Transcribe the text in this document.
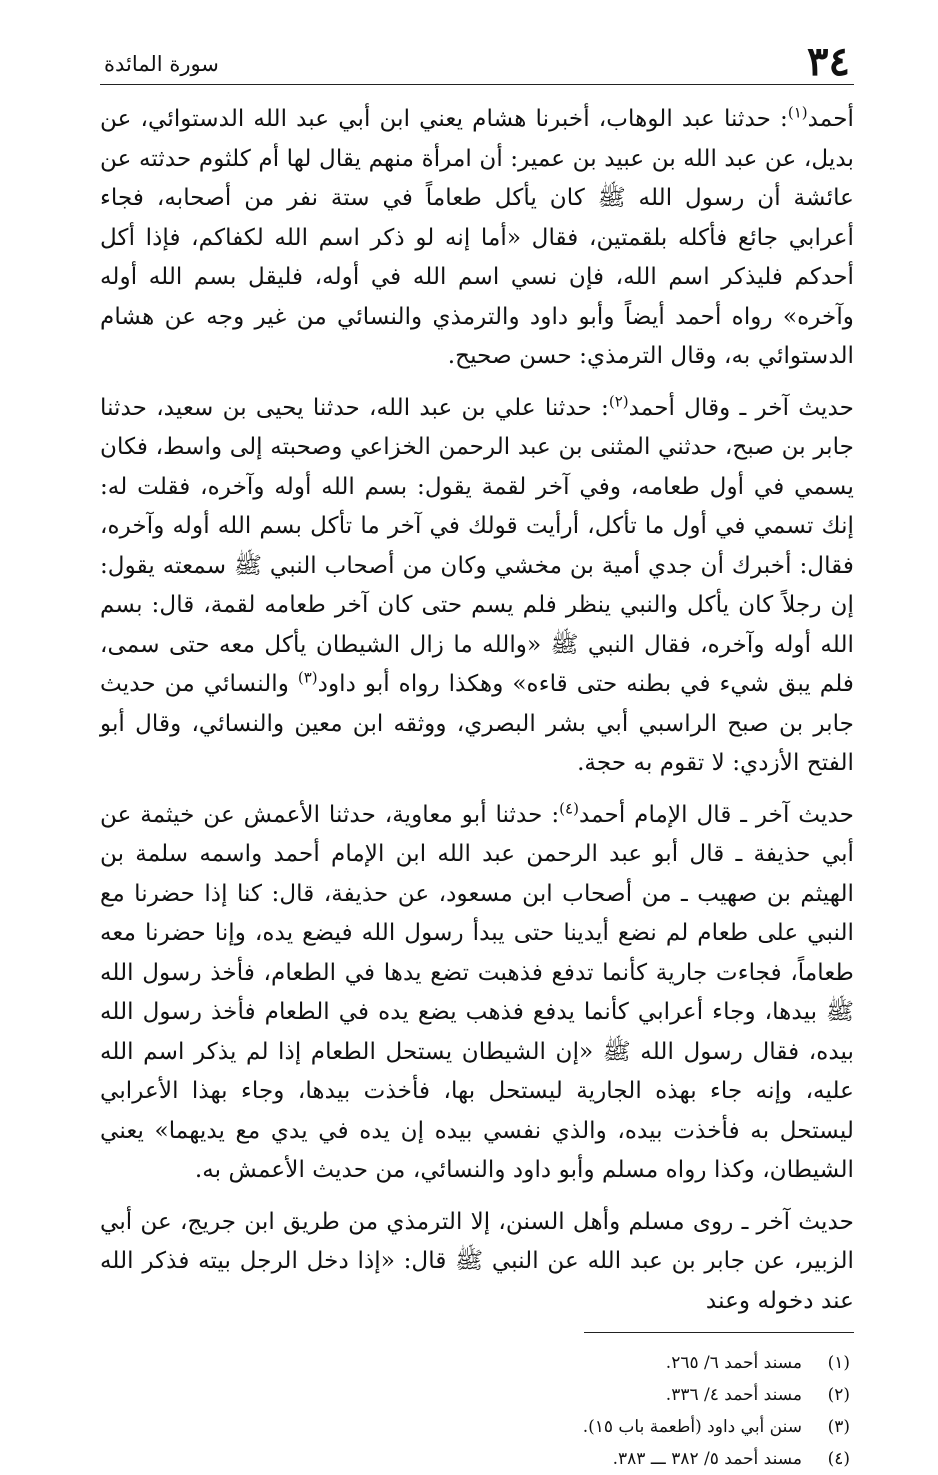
٣٤
سورة المائدة

أحمد$^{(١)}$: حدثنا عبد الوهاب، أخبرنا هشام يعني ابن أبي عبد الله الدستوائي، عن بديل، عن عبد الله بن عبيد بن عمير: أن امرأة منهم يقال لها أم كلثوم حدثته عن عائشة أن رسول الله ﷺ كان يأكل طعاماً في ستة نفر من أصحابه، فجاء أعرابي جائع فأكله بلقمتين، فقال «أما إنه لو ذكر اسم الله لكفاكم، فإذا أكل أحدكم فليذكر اسم الله، فإن نسي اسم الله في أوله، فليقل بسم الله أوله وآخره» رواه أحمد أيضاً وأبو داود والترمذي والنسائي من غير وجه عن هشام الدستوائي به، وقال الترمذي: حسن صحيح.

حديث آخر ـ وقال أحمد$^{(٢)}$: حدثنا علي بن عبد الله، حدثنا يحيى بن سعيد، حدثنا جابر بن صبح، حدثني المثنى بن عبد الرحمن الخزاعي وصحبته إلى واسط، فكان يسمي في أول طعامه، وفي آخر لقمة يقول: بسم الله أوله وآخره، فقلت له: إنك تسمي في أول ما تأكل، أرأيت قولك في آخر ما تأكل بسم الله أوله وآخره، فقال: أخبرك أن جدي أمية بن مخشي وكان من أصحاب النبي ﷺ سمعته يقول: إن رجلاً كان يأكل والنبي ينظر فلم يسم حتى كان آخر طعامه لقمة، قال: بسم الله أوله وآخره، فقال النبي ﷺ «والله ما زال الشيطان يأكل معه حتى سمى، فلم يبق شيء في بطنه حتى قاءه» وهكذا رواه أبو داود$^{(٣)}$ والنسائي من حديث جابر بن صبح الراسبي أبي بشر البصري، ووثقه ابن معين والنسائي، وقال أبو الفتح الأزدي: لا تقوم به حجة.

حديث آخر ـ قال الإمام أحمد$^{(٤)}$: حدثنا أبو معاوية، حدثنا الأعمش عن خيثمة عن أبي حذيفة ـ قال أبو عبد الرحمن عبد الله ابن الإمام أحمد واسمه سلمة بن الهيثم بن صهيب ـ من أصحاب ابن مسعود، عن حذيفة، قال: كنا إذا حضرنا مع النبي على طعام لم نضع أيدينا حتى يبدأ رسول الله فيضع يده، وإنا حضرنا معه طعاماً، فجاءت جارية كأنما تدفع فذهبت تضع يدها في الطعام، فأخذ رسول الله ﷺ بيدها، وجاء أعرابي كأنما يدفع فذهب يضع يده في الطعام فأخذ رسول الله بيده، فقال رسول الله ﷺ «إن الشيطان يستحل الطعام إذا لم يذكر اسم الله عليه، وإنه جاء بهذه الجارية ليستحل بها، فأخذت بيدها، وجاء بهذا الأعرابي ليستحل به فأخذت بيده، والذي نفسي بيده إن يده في يدي مع يديهما» يعني الشيطان، وكذا رواه مسلم وأبو داود والنسائي، من حديث الأعمش به.

حديث آخر ـ روى مسلم وأهل السنن، إلا الترمذي من طريق ابن جريج، عن أبي الزبير، عن جابر بن عبد الله عن النبي ﷺ قال: «إذا دخل الرجل بيته فذكر الله عند دخوله وعند

(١)مسند أحمد ٦/ ٢٦٥.
(٢)مسند أحمد ٤/ ٣٣٦.
(٣)سنن أبي داود (أطعمة باب ١٥).
(٤)مسند أحمد ٥/ ٣٨٢ ـــ ٣٨٣.
